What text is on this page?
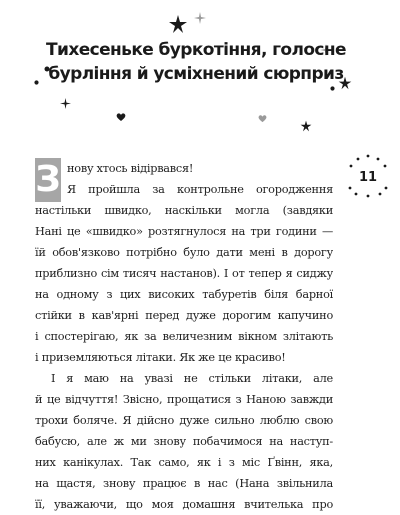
Тихесенькe буркотіння, голосне
бурління й усміхнений сюрприз
11
З нову хтось відірвався!
Я пройшла за контрольне огородження
настільки швидко, наскільки могла (завдяки
Нані це «швидко» розтягнулося на три години —
їй обов'язково потрібно було дати мені в дорогу
приблизно сім тисяч настанов). І от тепер я сиджу
на одному з цих високих табуретів біля барної
стійки в кав'ярні перед дуже дорогим капучино
і спостерігаю, як за величезним вікном злітають
і приземляються літаки. Як же це красиво!
І я маю на увазі не стільки літаки, але
й це відчуття! Звісно, прощатися з Наною завжди
трохи боляче. Я дійсно дуже сильно люблю свою
бабусю, але ж ми знову побачимося на наступ-
них канікулах. Так само, як і з міс Ґвінн, яка,
на щастя, знову працює в нас (Нана звільнила
її, уважаючи, що моя домашня вчителька про
